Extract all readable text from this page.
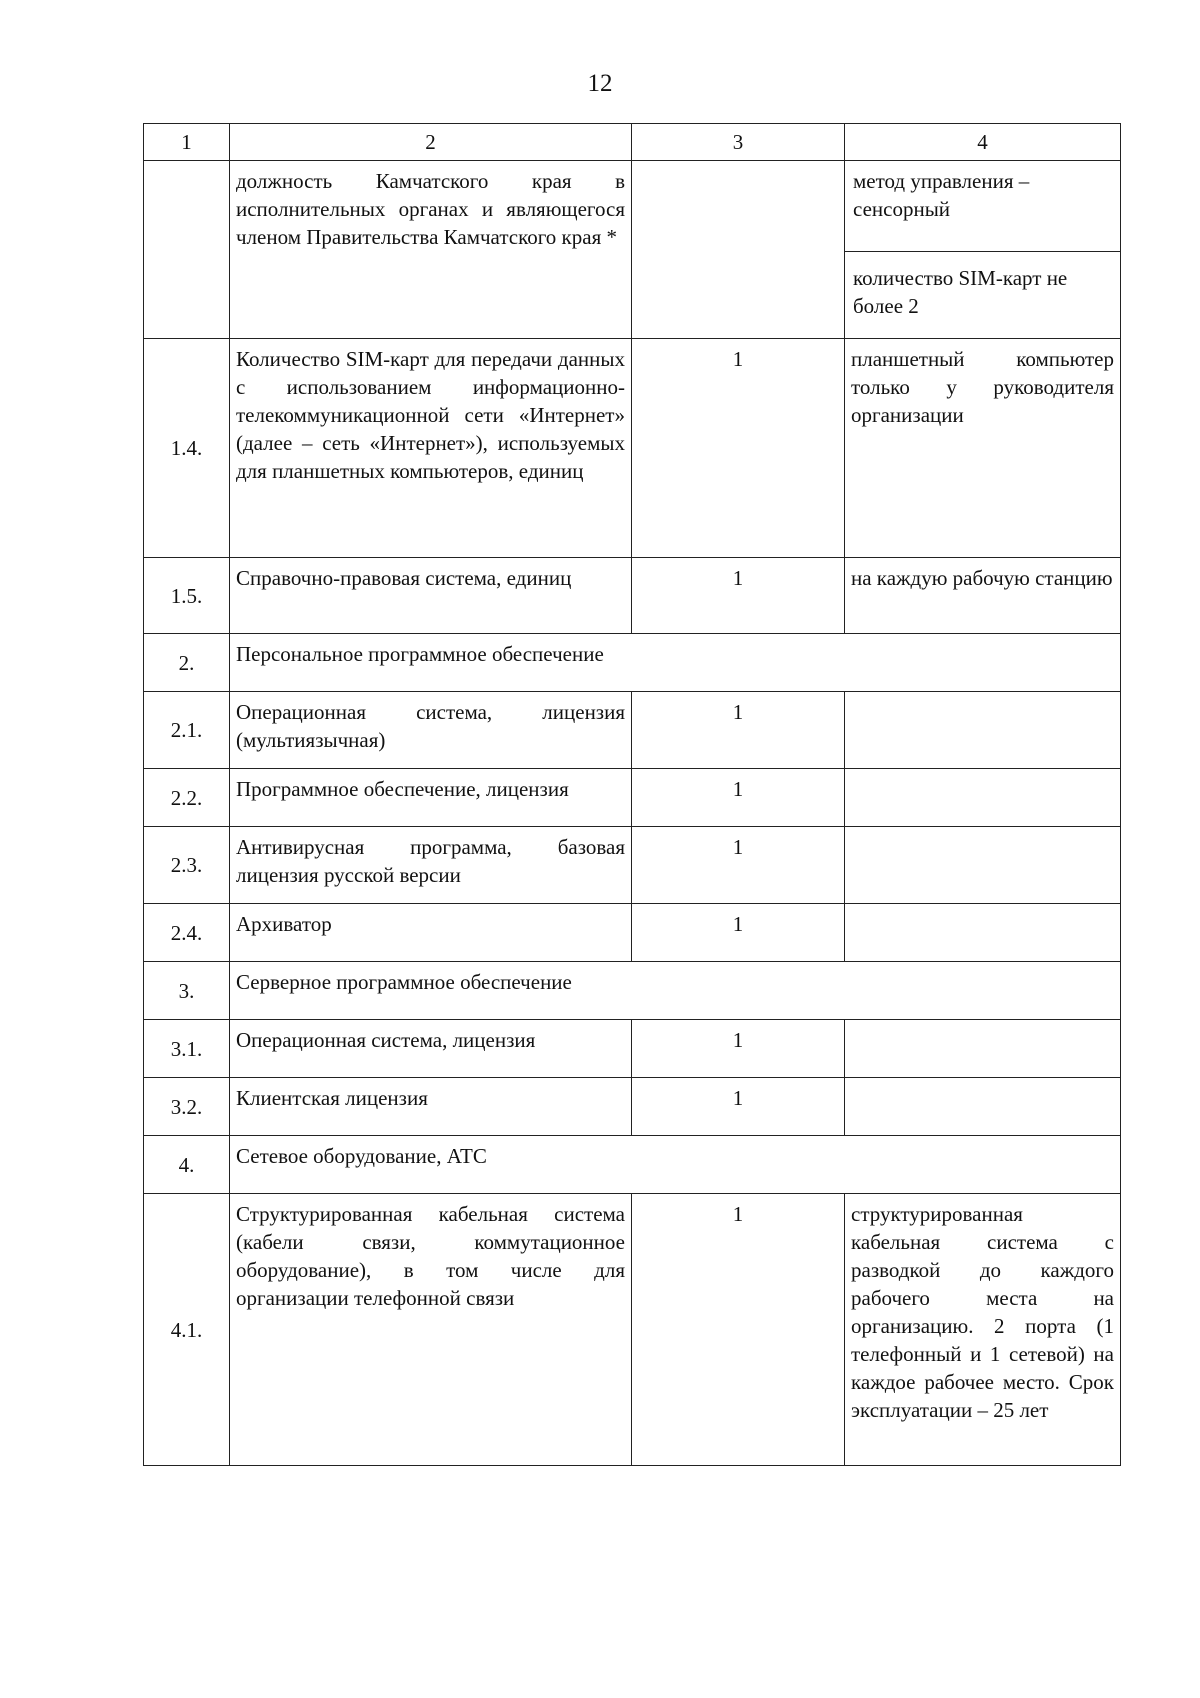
12
1	2	3	4
	должность Камчатского края в исполнительных органах и являющегося членом Правительства Камчатского края *		метод управления – сенсорный
количество SIM-карт не более 2

1.4.	Количество SIM-карт для передачи данных с использованием информационно-телекоммуникационной сети «Интернет» (далее – сеть «Интернет»), используемых для планшетных компьютеров, единиц	1	планшетный компьютер только у руководителя организации
1.5.	Справочно-правовая система, единиц	1	на каждую рабочую станцию
2.	Персональное программное обеспечение		
2.1.	Операционная система, лицензия (мультиязычная)	1	
2.2.	Программное обеспечение, лицензия	1	
2.3.	Антивирусная программа, базовая лицензия русской версии	1	
2.4.	Архиватор	1	
3.	Серверное программное обеспечение		
3.1.	Операционная система, лицензия	1	
3.2.	Клиентская лицензия	1	
4.	Сетевое оборудование, АТС		
4.1.	Структурированная кабельная система (кабели связи, коммутационное оборудование), в том числе для организации телефонной связи	1	структурированная кабельная система с разводкой до каждого рабочего места на организацию. 2 порта (1 телефонный и 1 сетевой) на каждое рабочее место. Срок эксплуатации – 25 лет
